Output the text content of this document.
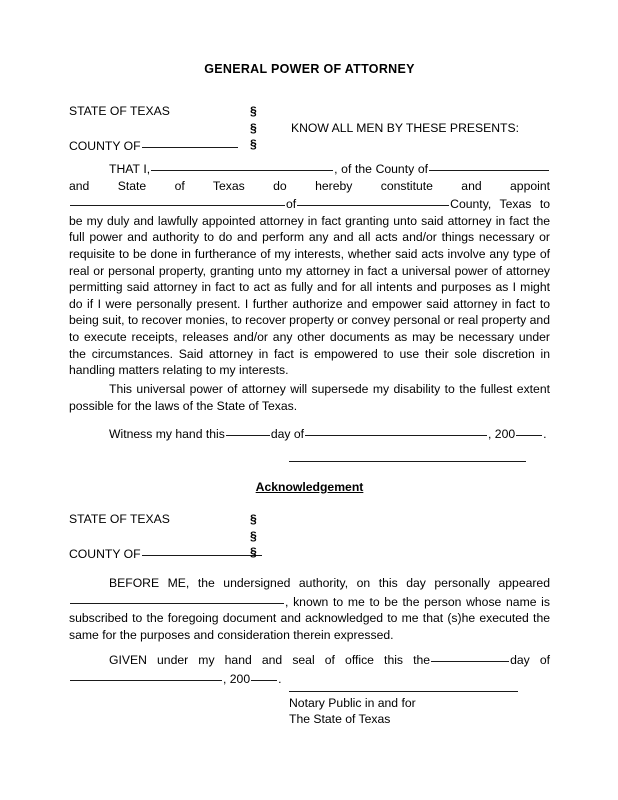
GENERAL POWER OF ATTORNEY
STATE OF TEXAS	§
§	KNOW ALL MEN BY THESE PRESENTS:
COUNTY OF	§
THAT I,	, of the County ofand State of Texas do hereby constitute and appointof	County, Texas to be my duly and lawfully appointed attorney in fact granting unto said attorney in fact the full power and authority to do and perform any and all acts and/or things necessary or requisite to be done in furtherance of my interests, whether said acts involve any type of real or personal property, granting unto my attorney in fact a universal power of attorney permitting said attorney in fact to act as fully and for all intents and purposes as I might do if I were personally present. I further authorize and empower said attorney in fact to being suit, to recover monies, to recover property or convey personal or real property and to execute receipts, releases and/or any other documents as may be necessary under the circumstances. Said attorney in fact is empowered to use their sole discretion in handling matters relating to my interests.
This universal power of attorney will supersede my disability to the fullest extent possible for the laws of the State of Texas.
Witness my hand this	day of	, 200 .
Acknowledgement
STATE OF TEXAS	§
§
COUNTY OF	§
BEFORE ME, the undersigned authority, on this day personally appeared, known to me to be the person whose name is subscribed to the foregoing document and acknowledged to me that (s)he executed the same for the purposes and consideration therein expressed.
GIVEN under my hand and seal of office this the	day of, 200 .
Notary Public in and for
The State of Texas
